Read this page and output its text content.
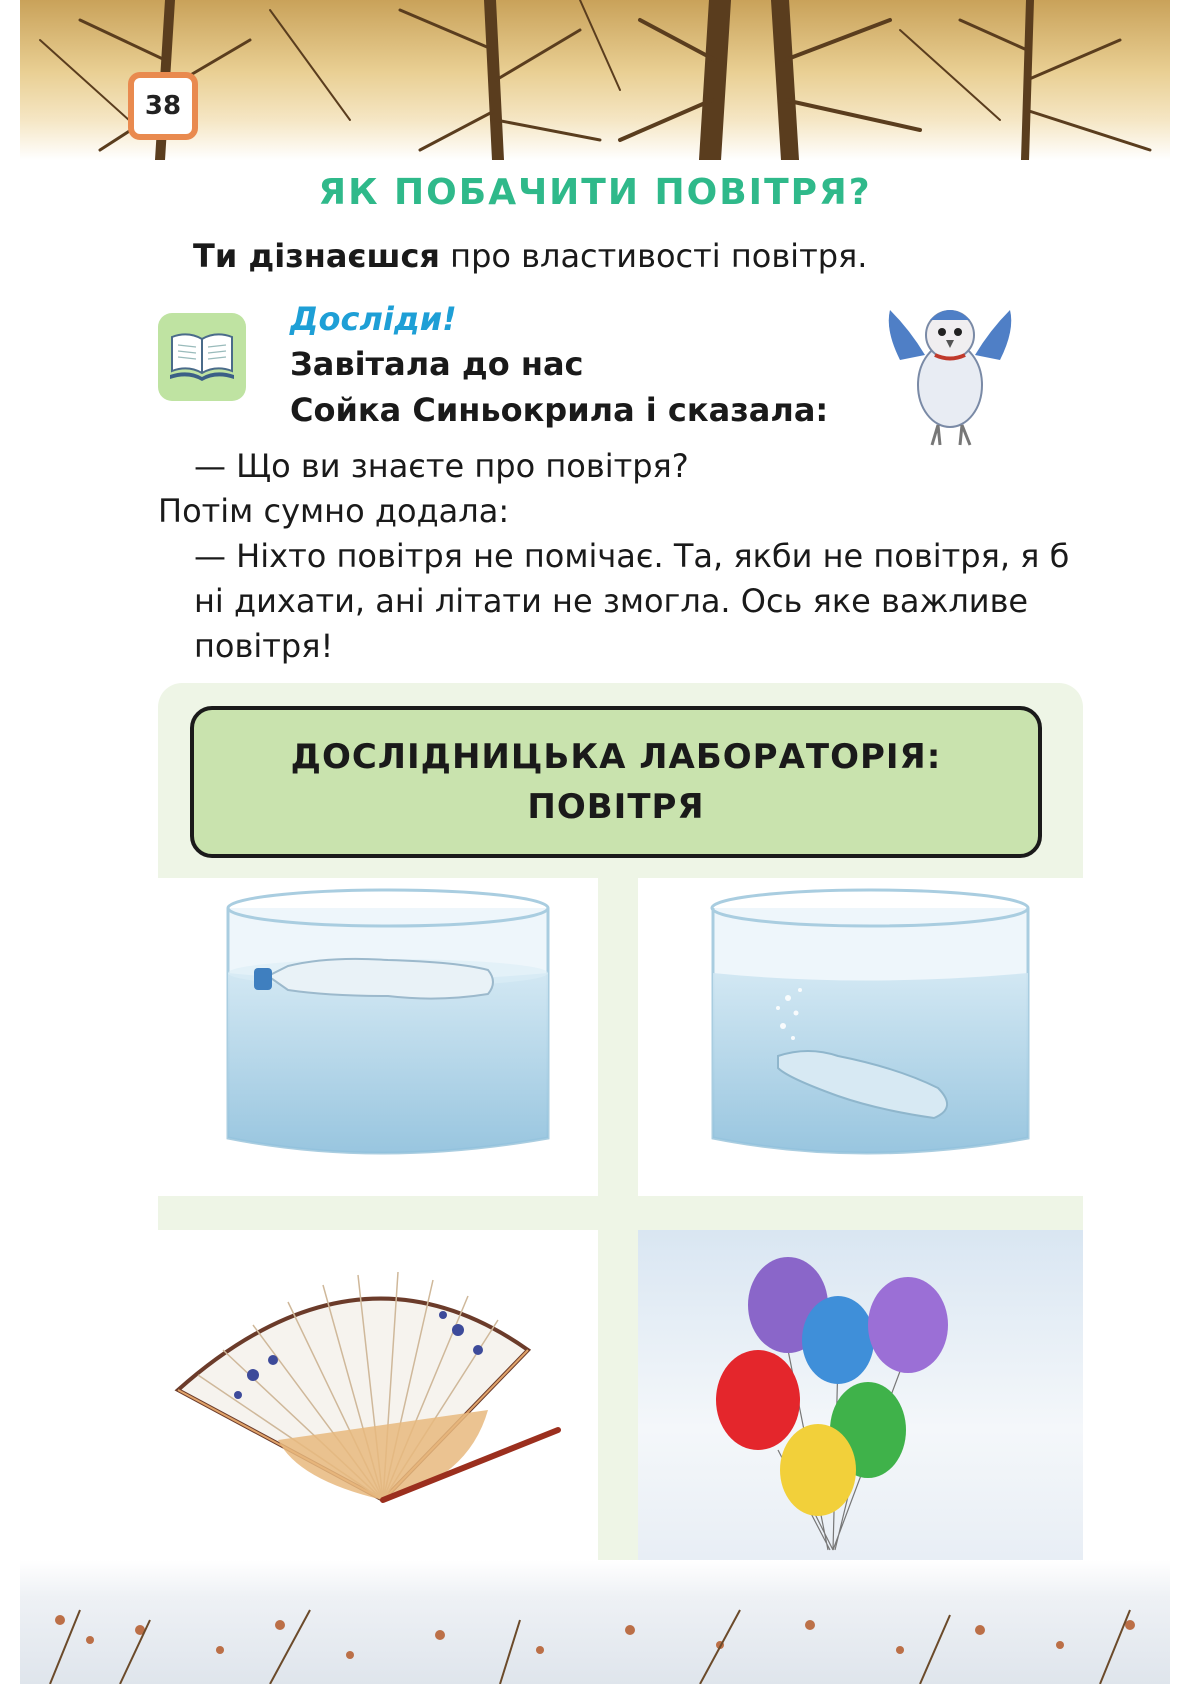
38
ЯК ПОБАЧИТИ ПОВІТРЯ?
Ти дізнаєшся про властивості повітря.
Досліди!
Завітала до нас
Сойка Синьокрила і сказала:

— Що ви знаєте про повітря?

Потім сумно додала:

— Ніхто повітря не помічає. Та, якби не повітря, я б ні дихати, ані літати не змогла. Ось яке важливе повітря!

ДОСЛІДНИЦЬКА ЛАБОРАТОРІЯ:
ПОВІТРЯ
